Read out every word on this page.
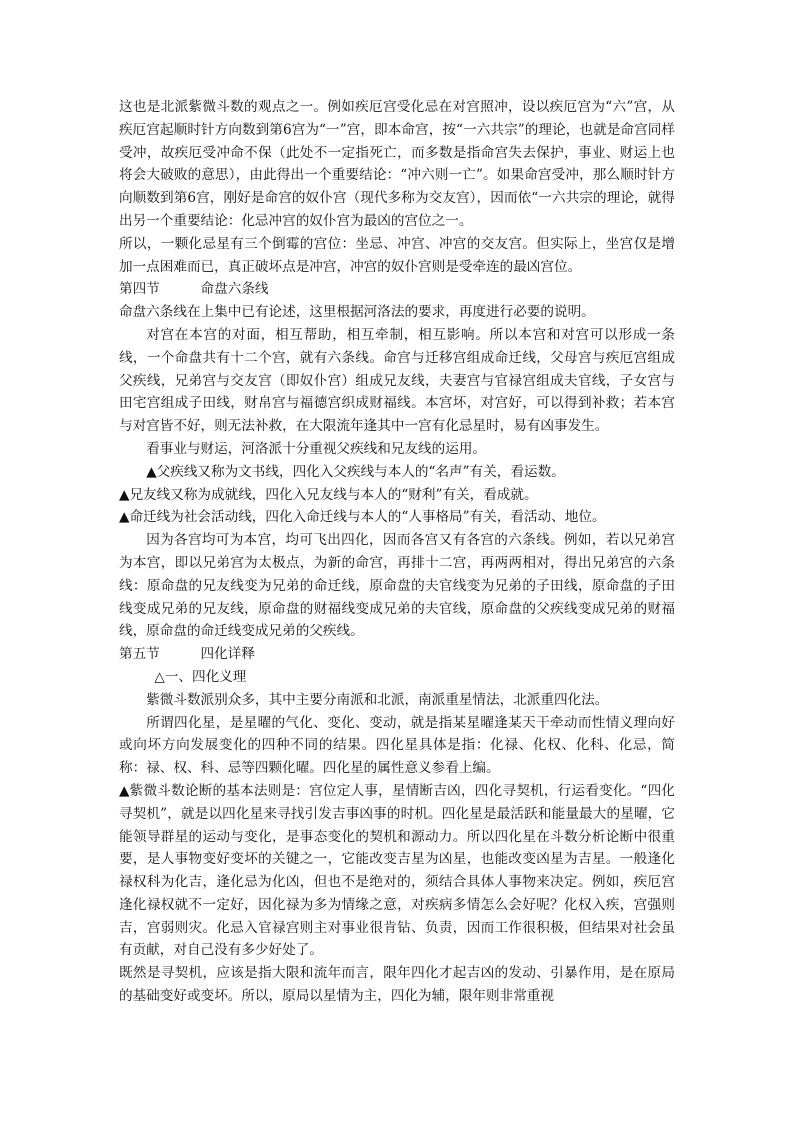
这也是北派紫微斗数的观点之一。例如疾厄宫受化忌在对宫照冲，设以疾厄宫为“六”宫，从疾厄宫起顺时针方向数到第6宫为“一”宫，即本命宫，按“一六共宗”的理论，也就是命宫同样受冲，故疾厄受冲命不保（此处不一定指死亡，而多数是指命宫失去保护，事业、财运上也将会大破败的意思），由此得出一个重要结论：“冲六则一亡”。如果命宫受冲，那么顺时针方向顺数到第6宫，刚好是命宫的奴仆宫（现代多称为交友宫），因而依“一六共宗的理论，就得出另一个重要结论：化忌冲宫的奴仆宫为最凶的宫位之一。

所以，一颗化忌星有三个倒霉的宫位：坐忌、冲宫、冲宫的交友宫。但实际上，坐宫仅是增加一点困难而已，真正破坏点是冲宫，冲宫的奴仆宫则是受牵连的最凶宫位。

第四节　　　命盘六条线

命盘六条线在上集中已有论述，这里根据河洛法的要求，再度进行必要的说明。

对宫在本宫的对面，相互帮助，相互牵制，相互影响。所以本宫和对宫可以形成一条线，一个命盘共有十二个宫，就有六条线。命宫与迁移宫组成命迁线，父母宫与疾厄宫组成父疾线，兄弟宫与交友宫（即奴仆宫）组成兄友线，夫妻宫与官禄宫组成夫官线，子女宫与田宅宫组成子田线，财帛宫与福德宫织成财福线。本宫坏，对宫好，可以得到补救；若本宫与对宫皆不好，则无法补救，在大限流年逢其中一宫有化忌星时，易有凶事发生。

看事业与财运，河洛派十分重视父疾线和兄友线的运用。

▲父疾线又称为文书线，四化入父疾线与本人的“名声”有关，看运数。

▲兄友线又称为成就线，四化入兄友线与本人的“财利”有关，看成就。

▲命迁线为社会活动线，四化入命迁线与本人的“人事格局”有关，看活动、地位。

因为各宫均可为本宫，均可飞出四化，因而各宫又有各宫的六条线。例如，若以兄弟宫为本宫，即以兄弟宫为太极点，为新的命宫，再排十二宫，再两两相对，得出兄弟宫的六条线：原命盘的兄友线变为兄弟的命迁线，原命盘的夫官线变为兄弟的子田线，原命盘的子田线变成兄弟的兄友线，原命盘的财福线变成兄弟的夫官线，原命盘的父疾线变成兄弟的财福线，原命盘的命迁线变成兄弟的父疾线。

第五节　　　四化详释

△一、四化义理

紫微斗数派别众多，其中主要分南派和北派，南派重星情法，北派重四化法。

所谓四化星，是星曜的气化、变化、变动，就是指某星曜逢某天干牵动而性情义理向好或向坏方向发展变化的四种不同的结果。四化星具体是指：化禄、化权、化科、化忌，简称：禄、权、科、忌等四颗化曜。四化星的属性意义参看上编。

▲紫微斗数论断的基本法则是：宫位定人事，星情断吉凶，四化寻契机，行运看变化。“四化寻契机”，就是以四化星来寻找引发吉事凶事的时机。四化星是最活跃和能量最大的星曜，它能领导群星的运动与变化，是事态变化的契机和源动力。所以四化星在斗数分析论断中很重要，是人事物变好变坏的关键之一，它能改变吉星为凶星，也能改变凶星为吉星。一般逢化禄权科为化吉，逢化忌为化凶，但也不是绝对的，须结合具体人事物来决定。例如，疾厄宫逢化禄权就不一定好，因化禄为多为情缘之意，对疾病多情怎么会好呢？化权入疾，宫强则吉，宫弱则灾。化忌入官禄宫则主对事业很肯钻、负责，因而工作很积极，但结果对社会虽有贡献，对自己没有多少好处了。

既然是寻契机，应该是指大限和流年而言，限年四化才起吉凶的发动、引暴作用，是在原局的基础变好或变坏。所以，原局以星情为主，四化为辅，限年则非常重视
